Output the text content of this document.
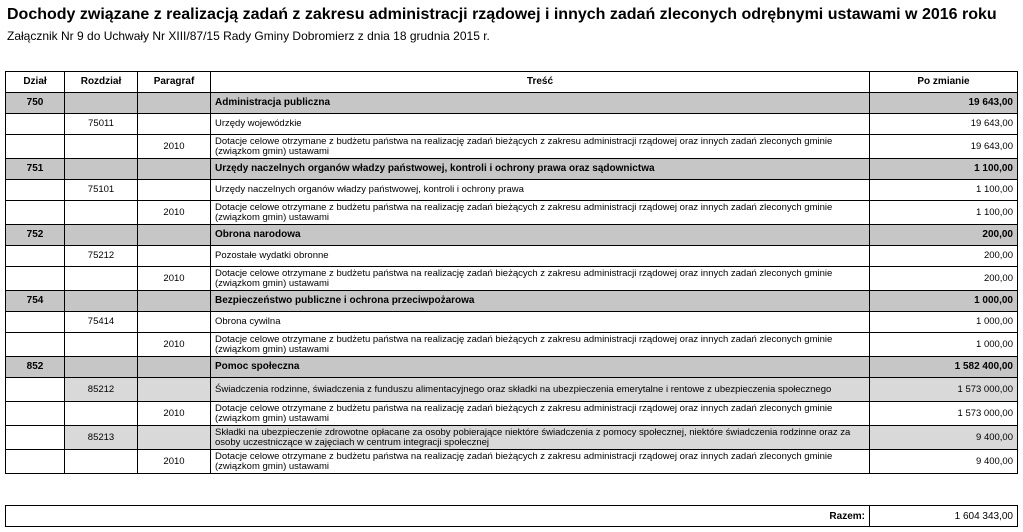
Dochody związane z realizacją zadań z zakresu administracji rządowej i innych zadań zleconych odrębnymi ustawami w 2016 roku
Załącznik Nr 9 do Uchwały Nr XIII/87/15 Rady Gminy Dobromierz z dnia 18 grudnia 2015 r.
Dział	Rozdział	Paragraf	Treść	Po zmianie
750			Administracja publiczna	19 643,00
	75011		Urzędy wojewódzkie	19 643,00
		2010	Dotacje celowe otrzymane z budżetu państwa na realizację zadań bieżących z zakresu administracji rządowej oraz innych zadań zleconych gminie (związkom gmin) ustawami	19 643,00
751			Urzędy naczelnych organów władzy państwowej, kontroli i ochrony prawa oraz sądownictwa	1 100,00
	75101		Urzędy naczelnych organów władzy państwowej, kontroli i ochrony prawa	1 100,00
		2010	Dotacje celowe otrzymane z budżetu państwa na realizację zadań bieżących z zakresu administracji rządowej oraz innych zadań zleconych gminie (związkom gmin) ustawami	1 100,00
752			Obrona narodowa	200,00
	75212		Pozostałe wydatki obronne	200,00
		2010	Dotacje celowe otrzymane z budżetu państwa na realizację zadań bieżących z zakresu administracji rządowej oraz innych zadań zleconych gminie (związkom gmin) ustawami	200,00
754			Bezpieczeństwo publiczne i ochrona przeciwpożarowa	1 000,00
	75414		Obrona cywilna	1 000,00
		2010	Dotacje celowe otrzymane z budżetu państwa na realizację zadań bieżących z zakresu administracji rządowej oraz innych zadań zleconych gminie (związkom gmin) ustawami	1 000,00
852			Pomoc społeczna	1 582 400,00
	85212		Świadczenia rodzinne, świadczenia z funduszu alimentacyjnego oraz składki na ubezpieczenia emerytalne i rentowe z ubezpieczenia społecznego	1 573 000,00
		2010	Dotacje celowe otrzymane z budżetu państwa na realizację zadań bieżących z zakresu administracji rządowej oraz innych zadań zleconych gminie (związkom gmin) ustawami	1 573 000,00
	85213		Składki na ubezpieczenie zdrowotne opłacane za osoby pobierające niektóre świadczenia z pomocy społecznej, niektóre świadczenia rodzinne oraz za osoby uczestniczące w zajęciach w centrum integracji społecznej	9 400,00
		2010	Dotacje celowe otrzymane z budżetu państwa na realizację zadań bieżących z zakresu administracji rządowej oraz innych zadań zleconych gminie (związkom gmin) ustawami	9 400,00
Razem:	1 604 343,00
